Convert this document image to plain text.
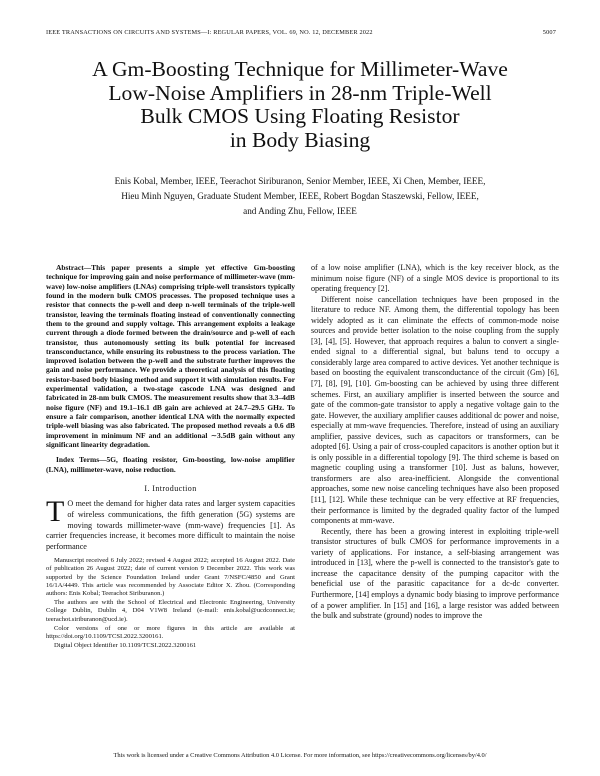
IEEE TRANSACTIONS ON CIRCUITS AND SYSTEMS—I: REGULAR PAPERS, VOL. 69, NO. 12, DECEMBER 2022	5007
A Gm-Boosting Technique for Millimeter-Wave
Low-Noise Amplifiers in 28-nm Triple-Well
Bulk CMOS Using Floating Resistor
in Body Biasing
Enis Kobal, Member, IEEE, Teerachot Siriburanon, Senior Member, IEEE, Xi Chen, Member, IEEE,
Hieu Minh Nguyen, Graduate Student Member, IEEE, Robert Bogdan Staszewski, Fellow, IEEE,
and Anding Zhu, Fellow, IEEE

Abstract—This paper presents a simple yet effective Gm-boosting technique for improving gain and noise performance of millimeter-wave (mm-wave) low-noise amplifiers (LNAs) comprising triple-well transistors typically found in the modern bulk CMOS processes. The proposed technique uses a resistor that connects the p-well and deep n-well terminals of the triple-well transistor, leaving the terminals floating instead of conventionally connecting them to the ground and supply voltage. This arrangement exploits a leakage current through a diode formed between the drain/source and p-well of each transistor, thus autonomously setting its bulk potential for increased transconductance, while ensuring its robustness to the process variation. The improved isolation between the p-well and the substrate further improves the gain and noise performance. We provide a theoretical analysis of this floating resistor-based body biasing method and support it with simulation results. For experimental validation, a two-stage cascode LNA was designed and fabricated in 28-nm bulk CMOS. The measurement results show that 3.3–4dB noise figure (NF) and 19.1–16.1 dB gain are achieved at 24.7–29.5 GHz. To ensure a fair comparison, another identical LNA with the normally expected triple-well biasing was also fabricated. The proposed method reveals a 0.6 dB improvement in minimum NF and an additional ∼3.5dB gain without any significant linearity degradation.

Index Terms—5G, floating resistor, Gm-boosting, low-noise amplifier (LNA), millimeter-wave, noise reduction.

I. Introduction

T O meet the demand for higher data rates and larger system capacities of wireless communications, the fifth generation (5G) systems are moving towards millimeter-wave (mm-wave) frequencies [1]. As carrier frequencies increase, it becomes more difficult to maintain the noise performance

Manuscript received 6 July 2022; revised 4 August 2022; accepted 16 August 2022. Date of publication 26 August 2022; date of current version 9 December 2022. This work was supported by the Science Foundation Ireland under Grant 7/NSFC/4850 and Grant 16/1A/4449. This article was recommended by Associate Editor X. Zhou. (Corresponding authors: Enis Kobal; Teerachot Siriburanon.)

The authors are with the School of Electrical and Electronic Engineering, University College Dublin, Dublin 4, D04 V1W8 Ireland (e-mail: enis.kobal@ucdconnect.ie; teerachot.siriburanon@ucd.ie).

Color versions of one or more figures in this article are available at https://doi.org/10.1109/TCSI.2022.3200161.

Digital Object Identifier 10.1109/TCSI.2022.3200161

of a low noise amplifier (LNA), which is the key receiver block, as the minimum noise figure (NF) of a single MOS device is proportional to its operating frequency [2].

Different noise cancellation techniques have been proposed in the literature to reduce NF. Among them, the differential topology has been widely adopted as it can eliminate the effects of common-mode noise sources and provide better isolation to the noise coupling from the supply [3], [4], [5]. However, that approach requires a balun to convert a single-ended signal to a differential signal, but baluns tend to occupy a considerably large area compared to active devices. Yet another technique is based on boosting the equivalent transconductance of the circuit (Gm) [6], [7], [8], [9], [10]. Gm-boosting can be achieved by using three different schemes. First, an auxiliary amplifier is inserted between the source and gate of the common-gate transistor to apply a negative voltage gain to the gate. However, the auxiliary amplifier causes additional dc power and noise, especially at mm-wave frequencies. Therefore, instead of using an auxiliary amplifier, passive devices, such as capacitors or transformers, can be adopted [6]. Using a pair of cross-coupled capacitors is another option but it is only possible in a differential topology [9]. The third scheme is based on magnetic coupling using a transformer [10]. Just as baluns, however, transformers are also area-inefficient. Alongside the conventional approaches, some new noise canceling techniques have also been proposed [11], [12]. While these technique can be very effective at RF frequencies, their performance is limited by the degraded quality factor of the lumped components at mm-wave.

Recently, there has been a growing interest in exploiting triple-well transistor structures of bulk CMOS for performance improvements in a variety of applications. For instance, a self-biasing arrangement was introduced in [13], where the p-well is connected to the transistor's gate to increase the capacitance density of the pumping capacitor with the beneficial use of the parasitic capacitance for a dc-dc converter. Furthermore, [14] employs a dynamic body biasing to improve performance of a power amplifier. In [15] and [16], a large resistor was added between the bulk and substrate (ground) nodes to improve the

This work is licensed under a Creative Commons Attribution 4.0 License. For more information, see https://creativecommons.org/licenses/by/4.0/
